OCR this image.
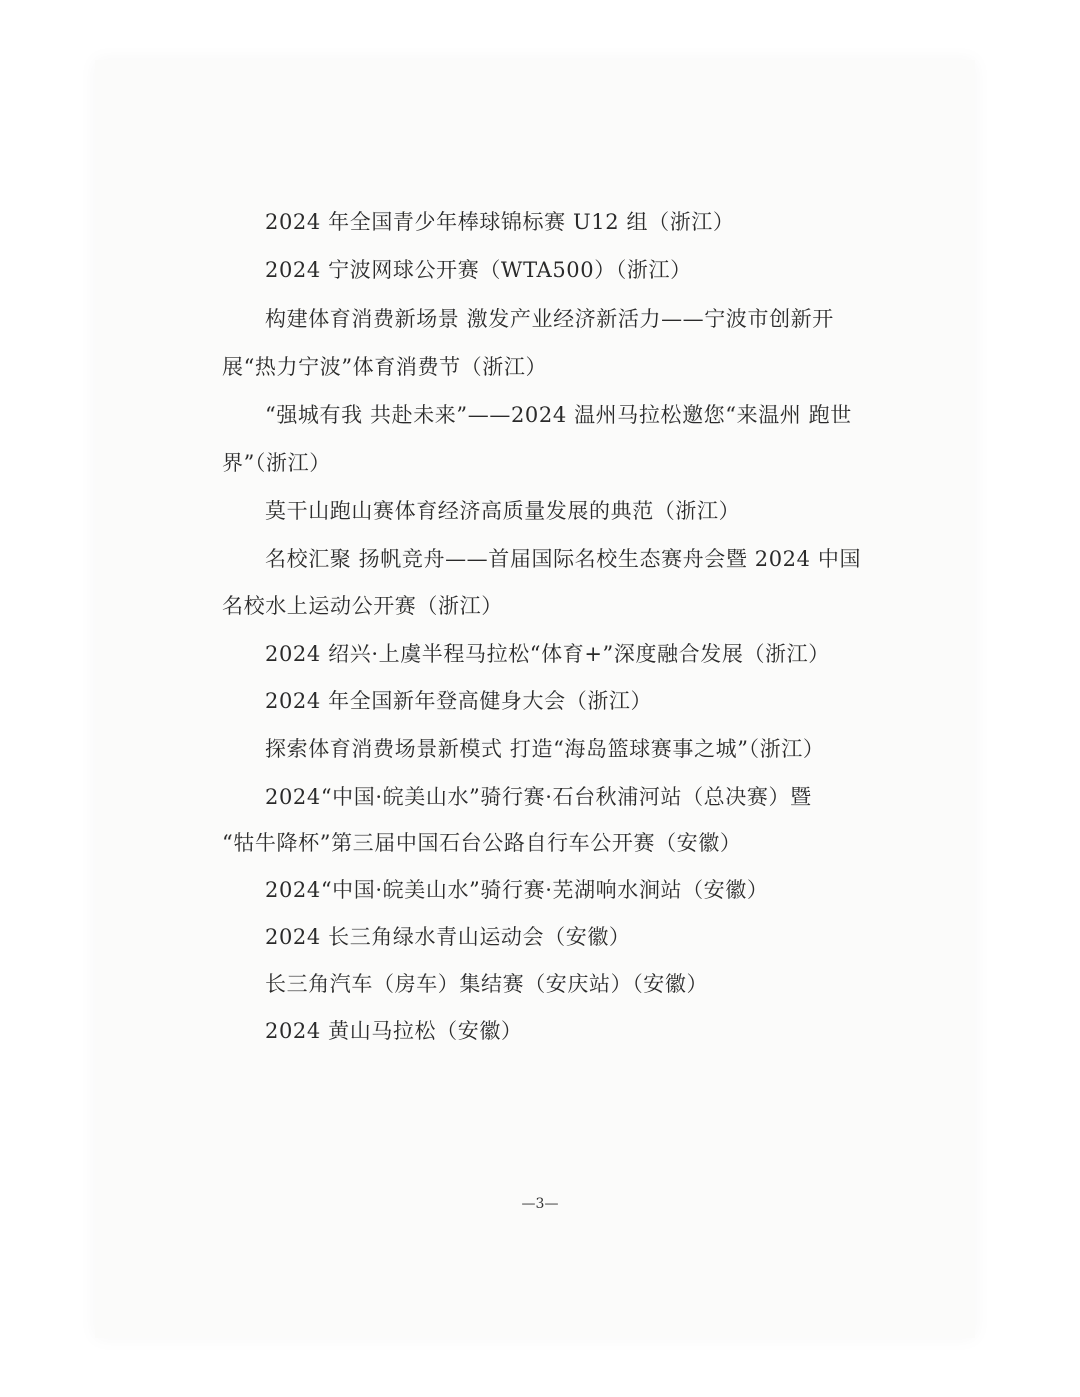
2024 年全国青少年棒球锦标赛 U12 组（浙江）
2024 宁波网球公开赛（WTA500）（浙江）
构建体育消费新场景 激发产业经济新活力——宁波市创新开
展“热力宁波”体育消费节（浙江）
“强城有我 共赴未来”——2024 温州马拉松邀您“来温州 跑世
界”（浙江）
莫干山跑山赛体育经济高质量发展的典范（浙江）
名校汇聚 扬帆竞舟——首届国际名校生态赛舟会暨 2024 中国
名校水上运动公开赛（浙江）
2024 绍兴·上虞半程马拉松“体育+”深度融合发展（浙江）
2024 年全国新年登高健身大会（浙江）
探索体育消费场景新模式 打造“海岛篮球赛事之城”（浙江）
2024“中国·皖美山水”骑行赛·石台秋浦河站（总决赛）暨
“牯牛降杯”第三届中国石台公路自行车公开赛（安徽）
2024“中国·皖美山水”骑行赛·芜湖响水涧站（安徽）
2024 长三角绿水青山运动会（安徽）
长三角汽车（房车）集结赛（安庆站）（安徽）
2024 黄山马拉松（安徽）
—3—
